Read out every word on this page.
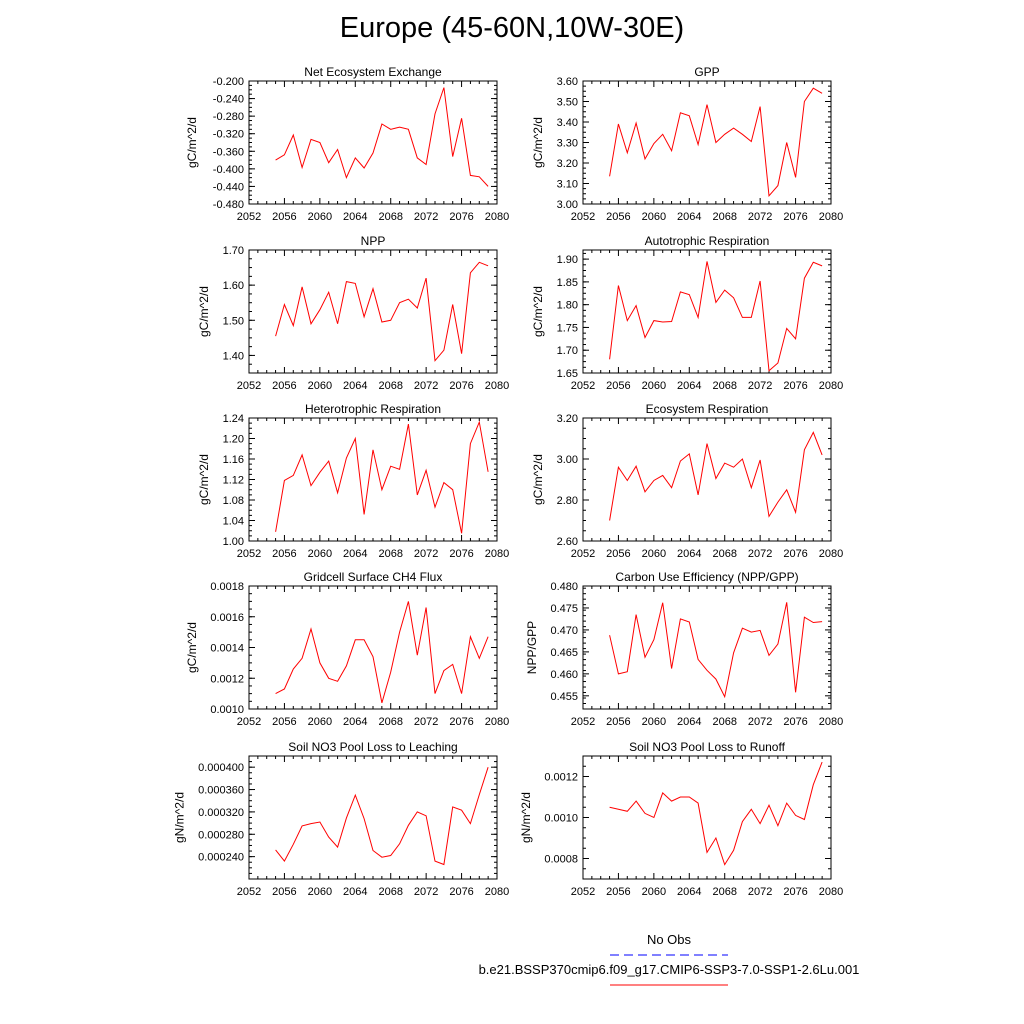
Europe (45-60N,10W-30E)
2052 2056 2060 2064 2068 2072 2076 2080
-0.480
-0.440
-0.400
-0.360
-0.320
-0.280
-0.240
-0.200
Net Ecosystem Exchange
gC/m^2/d
2052 2056 2060 2064 2068 2072 2076 2080
3.00
3.10
3.20
3.30
3.40
3.50
3.60
GPP
gC/m^2/d
2052 2056 2060 2064 2068 2072 2076 2080
1.40
1.50
1.60
1.70
NPP
gC/m^2/d
2052 2056 2060 2064 2068 2072 2076 2080
1.65
1.70
1.75
1.80
1.85
1.90
Autotrophic Respiration
gC/m^2/d
2052 2056 2060 2064 2068 2072 2076 2080
1.00
1.04
1.08
1.12
1.16
1.20
1.24
Heterotrophic Respiration
gC/m^2/d
2052 2056 2060 2064 2068 2072 2076 2080
2.60
2.80
3.00
3.20
Ecosystem Respiration
gC/m^2/d
2052 2056 2060 2064 2068 2072 2076 2080
0.0010
0.0012
0.0014
0.0016
0.0018
Gridcell Surface CH4 Flux
gC/m^2/d
2052 2056 2060 2064 2068 2072 2076 2080
0.455
0.460
0.465
0.470
0.475
0.480
Carbon Use Efficiency (NPP/GPP)
NPP/GPP
2052 2056 2060 2064 2068 2072 2076 2080
0.000240
0.000280
0.000320
0.000360
0.000400
Soil NO3 Pool Loss to Leaching
gN/m^2/d
2052 2056 2060 2064 2068 2072 2076 2080
0.0008
0.0010
0.0012
Soil NO3 Pool Loss to Runoff
gN/m^2/d
No Obs
b.e21.BSSP370cmip6.f09_g17.CMIP6-SSP3-7.0-SSP1-2.6Lu.001
